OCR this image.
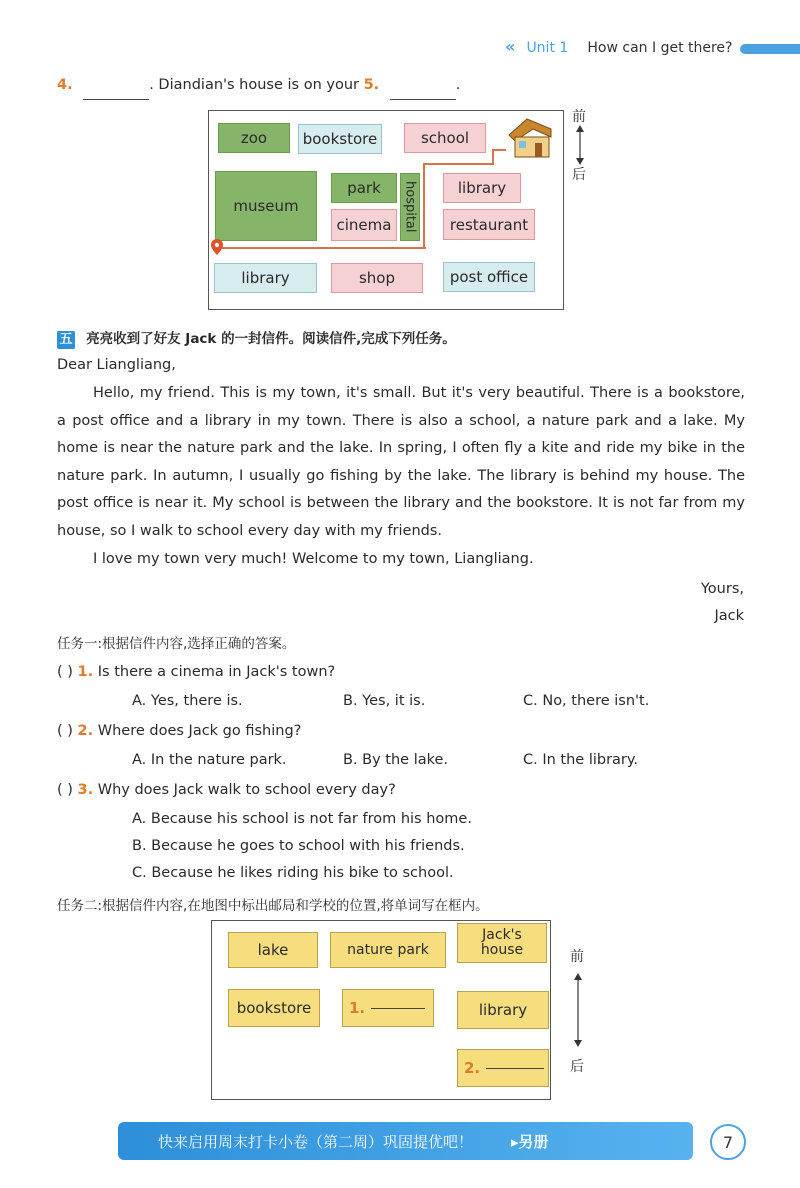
« Unit 1 How can I get there?
4.	. Diandian's house is on your 5.	.
zoo	bookstore	school
museum
park
cinema hospital	library
restaurant
library	shop	post office
前
后
五 亮亮收到了好友 Jack 的一封信件。阅读信件,完成下列任务。
Dear Liangliang,
Hello, my friend. This is my town, it's small. But it's very beautiful. There is a bookstore, a post office and a library in my town. There is also a school, a nature park and a lake. My home is near the nature park and the lake. In spring, I often fly a kite and ride my bike in the nature park. In autumn, I usually go fishing by the lake. The library is behind my house. The post office is near it. My school is between the library and the bookstore. It is not far from my house, so I walk to school every day with my friends.
I love my town very much! Welcome to my town, Liangliang.
Yours,
Jack
任务一:根据信件内容,选择正确的答案。
( ) 1. Is there a cinema in Jack's town?
A. Yes, there is.	B. Yes, it is.	C. No, there isn't.
( ) 2. Where does Jack go fishing?
A. In the nature park.	B. By the lake.	C. In the library.
( ) 3. Why does Jack walk to school every day?
A. Because his school is not far from his home.
B. Because he goes to school with his friends.
C. Because he likes riding his bike to school.
任务二:根据信件内容,在地图中标出邮局和学校的位置,将单词写在框内。
lake	nature park
Jack's house
bookstore	1.	library
2.
前
后
快来启用周末打卡小卷（第二周）巩固提优吧！	▸另册	7
